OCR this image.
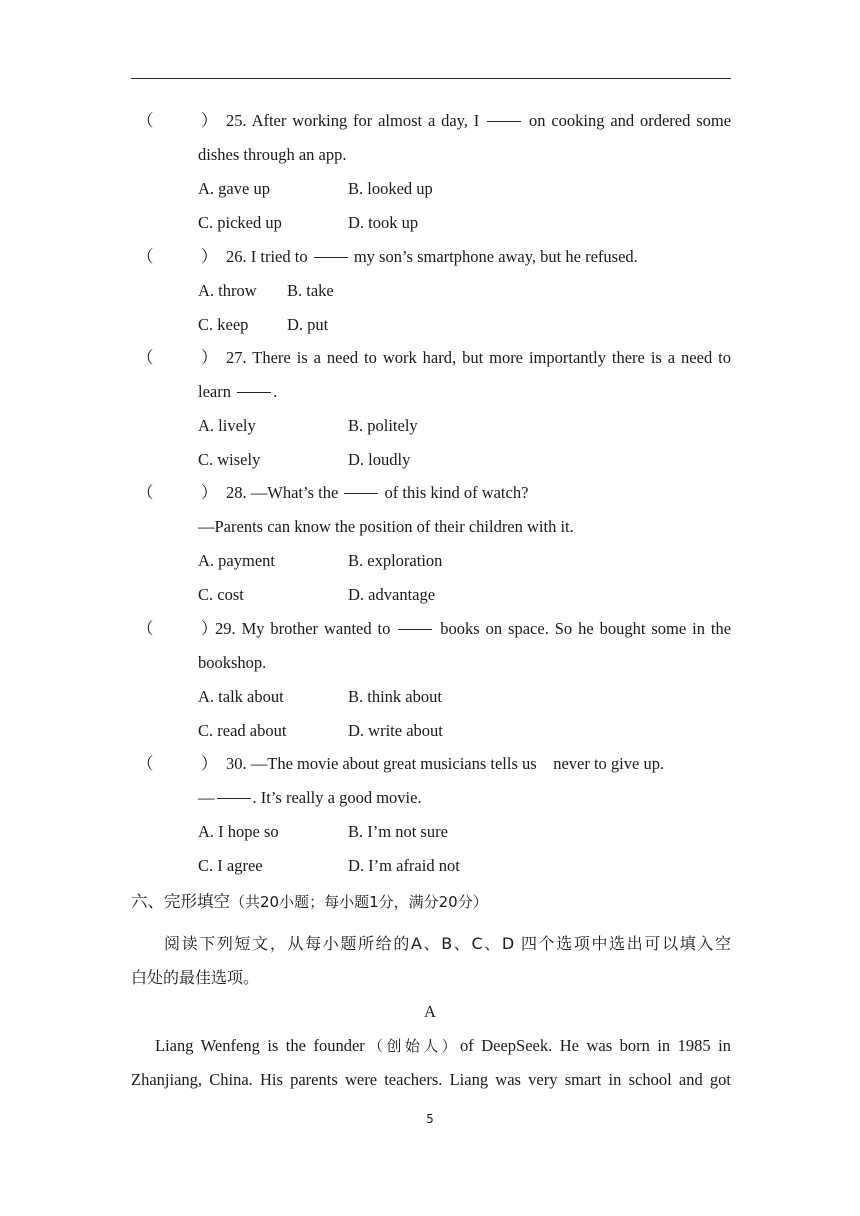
（	） 25. After working for almost a day, I	on cooking and ordered some
dishes through an app.
A. gave up	B. looked up
C. picked up	D. took up
（	） 26. I tried to	my son’s smartphone away, but he refused.
A. throw B. take
C. keep D. put
（	） 27. There is a need to work hard, but more importantly there is a need to
learn	.
A. lively	B. politely
C. wisely	D. loudly
（	） 28. —What’s the	of this kind of watch?
—Parents can know the position of their children with it.
A. payment	B. exploration
C. cost	D. advantage
（	）
29. My brother wanted to	books on space. So he bought some in the
bookshop.
A. talk about	B. think about
C. read about	D. write about
（	） 30. —The movie about great musicians tells us    never to give up.
— . It’s really a good movie.
A. I hope so	B. I’m not sure
C. I agree	D. I’m afraid not
六、完形填空（共20小题；每小题1分，满分20分）
阅读下列短文，从每小题所给的A、B、C、D 四个选项中选出可以填入空
白处的最佳选项。
A
Liang Wenfeng is the founder（创始人）of DeepSeek. He was born in 1985 in
Zhanjiang, China. His parents were teachers. Liang was very smart in school and got
5
